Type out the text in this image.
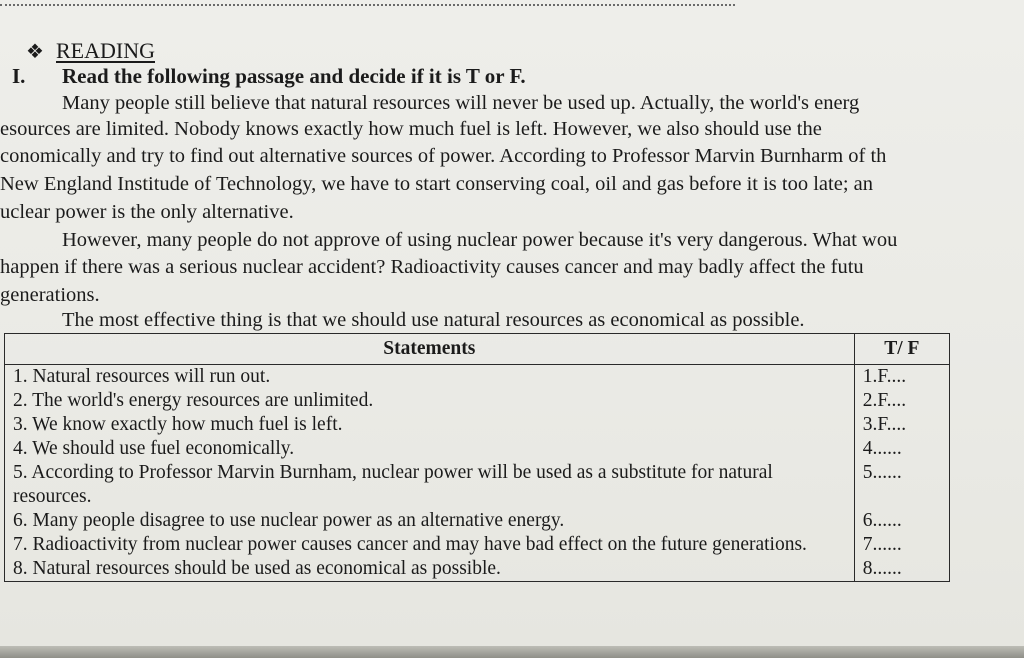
❖ READING
I. Read the following passage and decide if it is T or F.
Many people still believe that natural resources will never be used up. Actually, the world's energ
esources are limited. Nobody knows exactly how much fuel is left. However, we also should use the
conomically and try to find out alternative sources of power. According to Professor Marvin Burnharm of th
New England Institude of Technology, we have to start conserving coal, oil and gas before it is too late; an
uclear power is the only alternative.
However, many people do not approve of using nuclear power because it's very dangerous. What wou
happen if there was a serious nuclear accident? Radioactivity causes cancer and may badly affect the futu
generations.
The most effective thing is that we should use natural resources as economical as possible.
Statements	T/ F
1. Natural resources will run out.	1.F....
2. The world's energy resources are unlimited.	2.F....
3. We know exactly how much fuel is left.	3.F....
4. We should use fuel economically.	4......
5. According to Professor Marvin Burnham, nuclear power will be used as a substitute for natural resources.	5......
6. Many people disagree to use nuclear power as an alternative energy.	6......
7. Radioactivity from nuclear power causes cancer and may have bad effect on the future generations.	7......
8. Natural resources should be used as economical as possible.	8......
